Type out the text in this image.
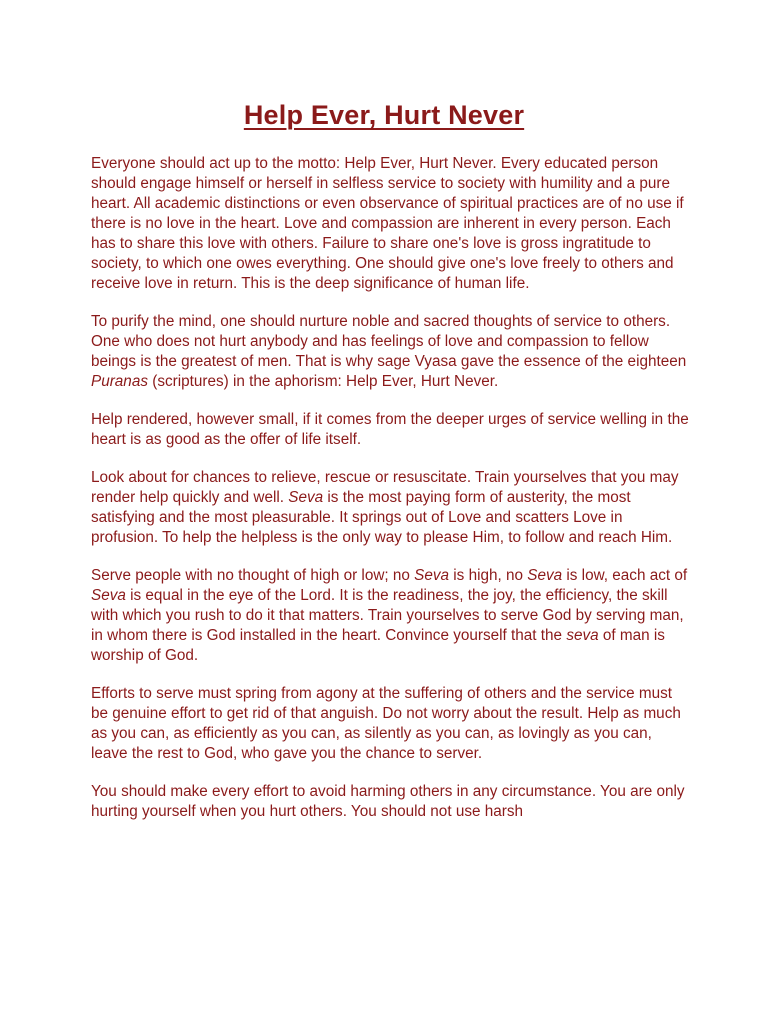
Help Ever, Hurt Never

Everyone should act up to the motto: Help Ever, Hurt Never. Every educated person should engage himself or herself in selfless service to society with humility and a pure heart. All academic distinctions or even observance of spiritual practices are of no use if there is no love in the heart. Love and compassion are inherent in every person. Each has to share this love with others. Failure to share one's love is gross ingratitude to society, to which one owes everything. One should give one's love freely to others and receive love in return. This is the deep significance of human life.

To purify the mind, one should nurture noble and sacred thoughts of service to others. One who does not hurt anybody and has feelings of love and compassion to fellow beings is the greatest of men. That is why sage Vyasa gave the essence of the eighteen Puranas (scriptures) in the aphorism: Help Ever, Hurt Never.

Help rendered, however small, if it comes from the deeper urges of service welling in the heart is as good as the offer of life itself.

Look about for chances to relieve, rescue or resuscitate. Train yourselves that you may render help quickly and well. Seva is the most paying form of austerity, the most satisfying and the most pleasurable. It springs out of Love and scatters Love in profusion. To help the helpless is the only way to please Him, to follow and reach Him.

Serve people with no thought of high or low; no Seva is high, no Seva is low, each act of Seva is equal in the eye of the Lord. It is the readiness, the joy, the efficiency, the skill with which you rush to do it that matters. Train yourselves to serve God by serving man, in whom there is God installed in the heart. Convince yourself that the seva of man is worship of God.

Efforts to serve must spring from agony at the suffering of others and the service must be genuine effort to get rid of that anguish. Do not worry about the result. Help as much as you can, as efficiently as you can, as silently as you can, as lovingly as you can, leave the rest to God, who gave you the chance to server.

You should make every effort to avoid harming others in any circumstance. You are only hurting yourself when you hurt others. You should not use harsh
